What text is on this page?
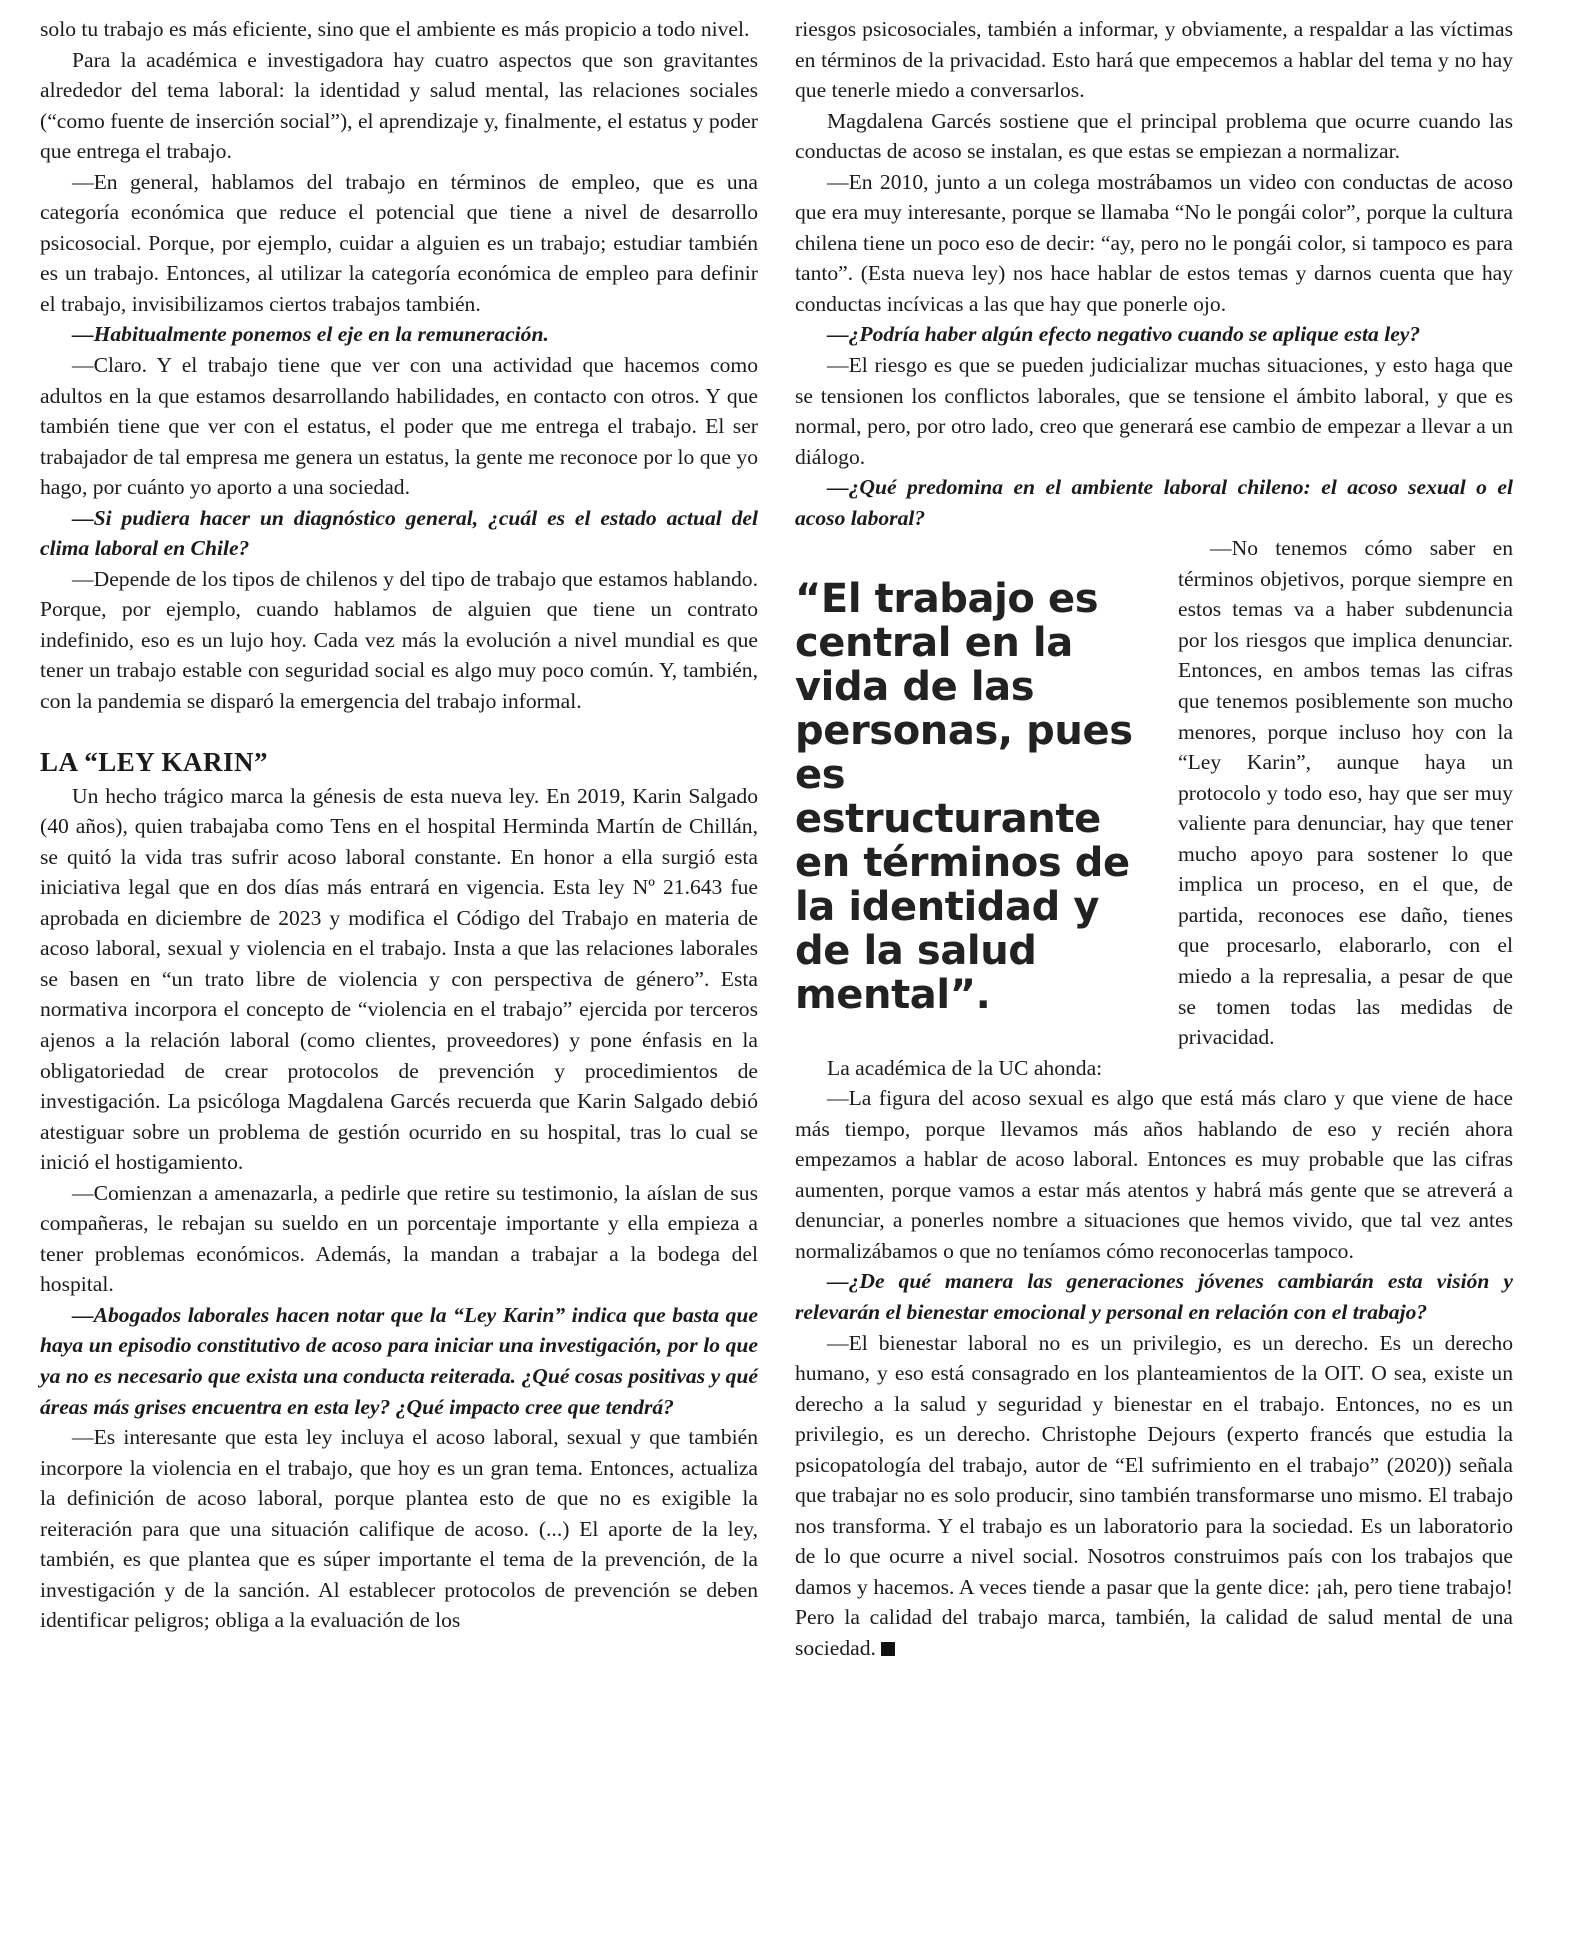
solo tu trabajo es más eficiente, sino que el ambiente es más propicio a todo nivel.

Para la académica e investigadora hay cuatro aspectos que son gravitantes alrededor del tema laboral: la identidad y salud mental, las relaciones sociales (“como fuente de inserción social”), el aprendizaje y, finalmente, el estatus y poder que entrega el trabajo.

—En general, hablamos del trabajo en términos de empleo, que es una categoría económica que reduce el potencial que tiene a nivel de desarrollo psicosocial. Porque, por ejemplo, cuidar a alguien es un trabajo; estudiar también es un trabajo. Entonces, al utilizar la categoría económica de empleo para definir el trabajo, invisibilizamos ciertos trabajos también.

—Habitualmente ponemos el eje en la remuneración.

—Claro. Y el trabajo tiene que ver con una actividad que hacemos como adultos en la que estamos desarrollando habilidades, en contacto con otros. Y que también tiene que ver con el estatus, el poder que me entrega el trabajo. El ser trabajador de tal empresa me genera un estatus, la gente me reconoce por lo que yo hago, por cuánto yo aporto a una sociedad.

—Si pudiera hacer un diagnóstico general, ¿cuál es el estado actual del clima laboral en Chile?

—Depende de los tipos de chilenos y del tipo de trabajo que estamos hablando. Porque, por ejemplo, cuando hablamos de alguien que tiene un contrato indefinido, eso es un lujo hoy. Cada vez más la evolución a nivel mundial es que tener un trabajo estable con seguridad social es algo muy poco común. Y, también, con la pandemia se disparó la emergencia del trabajo informal.

LA “LEY KARIN”

Un hecho trágico marca la génesis de esta nueva ley. En 2019, Karin Salgado (40 años), quien trabajaba como Tens en el hospital Herminda Martín de Chillán, se quitó la vida tras sufrir acoso laboral constante. En honor a ella surgió esta iniciativa legal que en dos días más entrará en vigencia. Esta ley Nº 21.643 fue aprobada en diciembre de 2023 y modifica el Código del Trabajo en materia de acoso laboral, sexual y violencia en el trabajo. Insta a que las relaciones laborales se basen en “un trato libre de violencia y con perspectiva de género”. Esta normativa incorpora el concepto de “violencia en el trabajo” ejercida por terceros ajenos a la relación laboral (como clientes, proveedores) y pone énfasis en la obligatoriedad de crear protocolos de prevención y procedimientos de investigación. La psicóloga Magdalena Garcés recuerda que Karin Salgado debió atestiguar sobre un problema de gestión ocurrido en su hospital, tras lo cual se inició el hostigamiento.

—Comienzan a amenazarla, a pedirle que retire su testimonio, la aíslan de sus compañeras, le rebajan su sueldo en un porcentaje importante y ella empieza a tener problemas económicos. Además, la mandan a trabajar a la bodega del hospital.

—Abogados laborales hacen notar que la “Ley Karin” indica que basta que haya un episodio constitutivo de acoso para iniciar una investigación, por lo que ya no es necesario que exista una conducta reiterada. ¿Qué cosas positivas y qué áreas más grises encuentra en esta ley? ¿Qué impacto cree que tendrá?

—Es interesante que esta ley incluya el acoso laboral, sexual y que también incorpore la violencia en el trabajo, que hoy es un gran tema. Entonces, actualiza la definición de acoso laboral, porque plantea esto de que no es exigible la reiteración para que una situación califique de acoso. (...) El aporte de la ley, también, es que plantea que es súper importante el tema de la prevención, de la investigación y de la sanción. Al establecer protocolos de prevención se deben identificar peligros; obliga a la evaluación de los

riesgos psicosociales, también a informar, y obviamente, a respaldar a las víctimas en términos de la privacidad. Esto hará que empecemos a hablar del tema y no hay que tenerle miedo a conversarlos.

Magdalena Garcés sostiene que el principal problema que ocurre cuando las conductas de acoso se instalan, es que estas se empiezan a normalizar.

—En 2010, junto a un colega mostrábamos un video con conductas de acoso que era muy interesante, porque se llamaba “No le pongái color”, porque la cultura chilena tiene un poco eso de decir: “ay, pero no le pongái color, si tampoco es para tanto”. (Esta nueva ley) nos hace hablar de estos temas y darnos cuenta que hay conductas incívicas a las que hay que ponerle ojo.

—¿Podría haber algún efecto negativo cuando se aplique esta ley?

—El riesgo es que se pueden judicializar muchas situaciones, y esto haga que se tensionen los conflictos laborales, que se tensione el ámbito laboral, y que es normal, pero, por otro lado, creo que generará ese cambio de empezar a llevar a un diálogo.

—¿Qué predomina en el ambiente laboral chileno: el acoso sexual o el acoso laboral?

“El trabajo es central en la vida de las personas, pues es estructurante en términos de la identidad y de la salud mental”.

—No tenemos cómo saber en términos objetivos, porque siempre en estos temas va a haber subdenuncia por los riesgos que implica denunciar. Entonces, en ambos temas las cifras que tenemos posiblemente son mucho menores, porque incluso hoy con la “Ley Karin”, aunque haya un protocolo y todo eso, hay que ser muy valiente para denunciar, hay que tener mucho apoyo para sostener lo que implica un proceso, en el que, de partida, reconoces ese daño, tienes que procesarlo, elaborarlo, con el miedo a la represalia, a pesar de que se tomen todas las medidas de privacidad.

La académica de la UC ahonda:

—La figura del acoso sexual es algo que está más claro y que viene de hace más tiempo, porque llevamos más años hablando de eso y recién ahora empezamos a hablar de acoso laboral. Entonces es muy probable que las cifras aumenten, porque vamos a estar más atentos y habrá más gente que se atreverá a denunciar, a ponerles nombre a situaciones que hemos vivido, que tal vez antes normalizábamos o que no teníamos cómo reconocerlas tampoco.

—¿De qué manera las generaciones jóvenes cambiarán esta visión y relevarán el bienestar emocional y personal en relación con el trabajo?

—El bienestar laboral no es un privilegio, es un derecho. Es un derecho humano, y eso está consagrado en los planteamientos de la OIT. O sea, existe un derecho a la salud y seguridad y bienestar en el trabajo. Entonces, no es un privilegio, es un derecho. Christophe Dejours (experto francés que estudia la psicopatología del trabajo, autor de “El sufrimiento en el trabajo” (2020)) señala que trabajar no es solo producir, sino también transformarse uno mismo. El trabajo nos transforma. Y el trabajo es un laboratorio para la sociedad. Es un laboratorio de lo que ocurre a nivel social. Nosotros construimos país con los trabajos que damos y hacemos. A veces tiende a pasar que la gente dice: ¡ah, pero tiene trabajo! Pero la calidad del trabajo marca, también, la calidad de salud mental de una sociedad.
